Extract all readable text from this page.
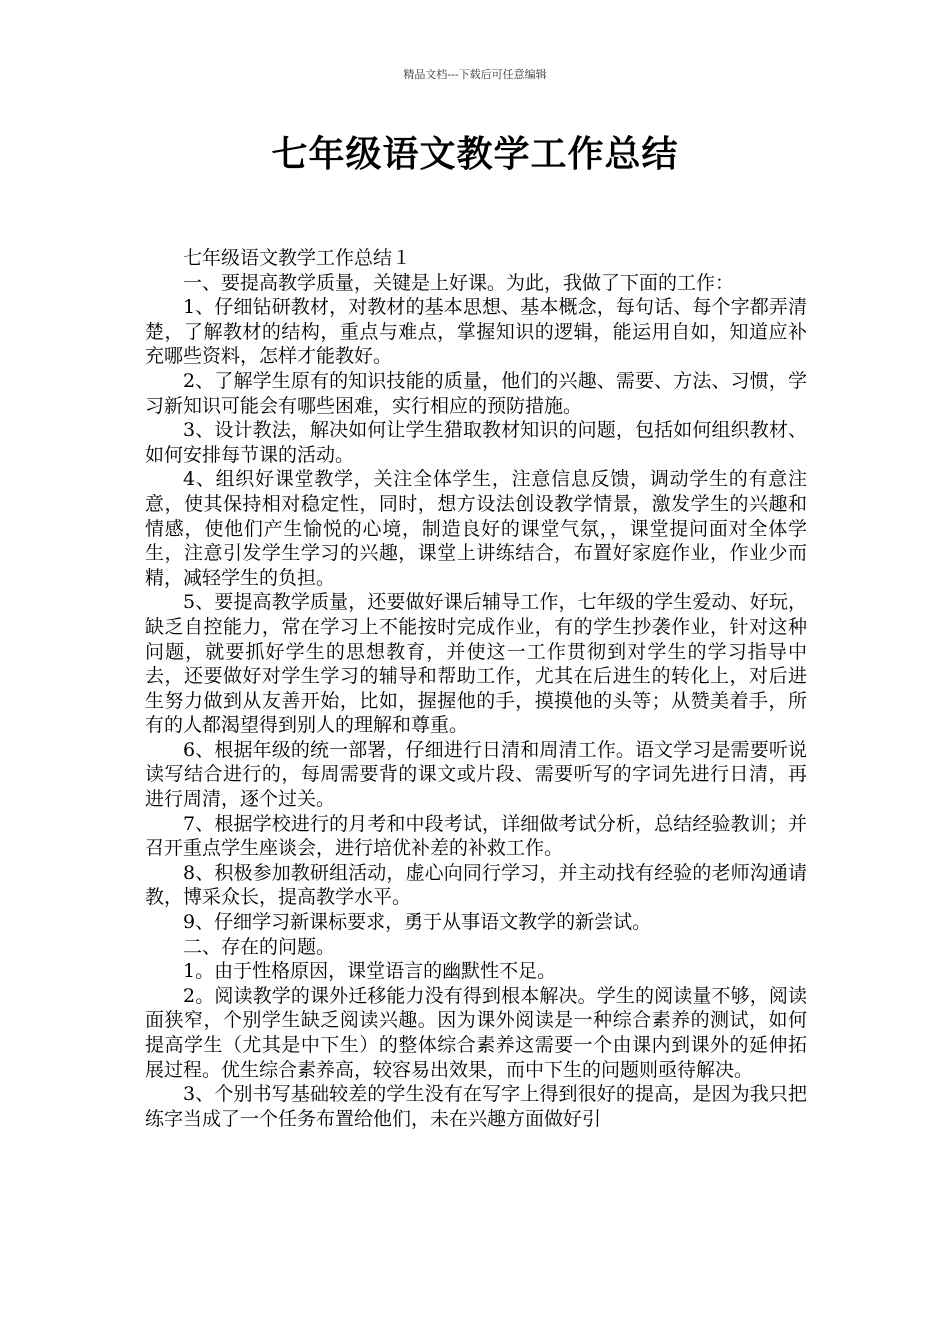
精品文档---下载后可任意编辑
七年级语文教学工作总结

七年级语文教学工作总结１

一、要提高教学质量，关键是上好课。为此，我做了下面的工作：

1、仔细钻研教材，对教材的基本思想、基本概念，每句话、每个字都弄清楚，了解教材的结构，重点与难点，掌握知识的逻辑，能运用自如，知道应补充哪些资料，怎样才能教好。

2、了解学生原有的知识技能的质量，他们的兴趣、需要、方法、习惯，学习新知识可能会有哪些困难，实行相应的预防措施。

3、设计教法，解决如何让学生猎取教材知识的问题，包括如何组织教材、如何安排每节课的活动。

4、组织好课堂教学，关注全体学生，注意信息反馈，调动学生的有意注意，使其保持相对稳定性，同时，想方设法创设教学情景，激发学生的兴趣和情感，使他们产生愉悦的心境，制造良好的课堂气氛，，课堂提问面对全体学生，注意引发学生学习的兴趣，课堂上讲练结合，布置好家庭作业，作业少而精，减轻学生的负担。

5、要提高教学质量，还要做好课后辅导工作，七年级的学生爱动、好玩，缺乏自控能力，常在学习上不能按时完成作业，有的学生抄袭作业，针对这种问题，就要抓好学生的思想教育，并使这一工作贯彻到对学生的学习指导中去，还要做好对学生学习的辅导和帮助工作，尤其在后进生的转化上，对后进生努力做到从友善开始，比如，握握他的手，摸摸他的头等；从赞美着手，所有的人都渴望得到别人的理解和尊重。

6、根据年级的统一部署，仔细进行日清和周清工作。语文学习是需要听说读写结合进行的，每周需要背的课文或片段、需要听写的字词先进行日清，再进行周清，逐个过关。

7、根据学校进行的月考和中段考试，详细做考试分析，总结经验教训；并召开重点学生座谈会，进行培优补差的补救工作。

8、积极参加教研组活动，虚心向同行学习，并主动找有经验的老师沟通请教，博采众长，提高教学水平。

9、仔细学习新课标要求，勇于从事语文教学的新尝试。

二、存在的问题。

1。由于性格原因，课堂语言的幽默性不足。

2。阅读教学的课外迁移能力没有得到根本解决。学生的阅读量不够，阅读面狭窄，个别学生缺乏阅读兴趣。因为课外阅读是一种综合素养的测试，如何提高学生（尤其是中下生）的整体综合素养这需要一个由课内到课外的延伸拓展过程。优生综合素养高，较容易出效果，而中下生的问题则亟待解决。

3、个别书写基础较差的学生没有在写字上得到很好的提高，是因为我只把练字当成了一个任务布置给他们，未在兴趣方面做好引
